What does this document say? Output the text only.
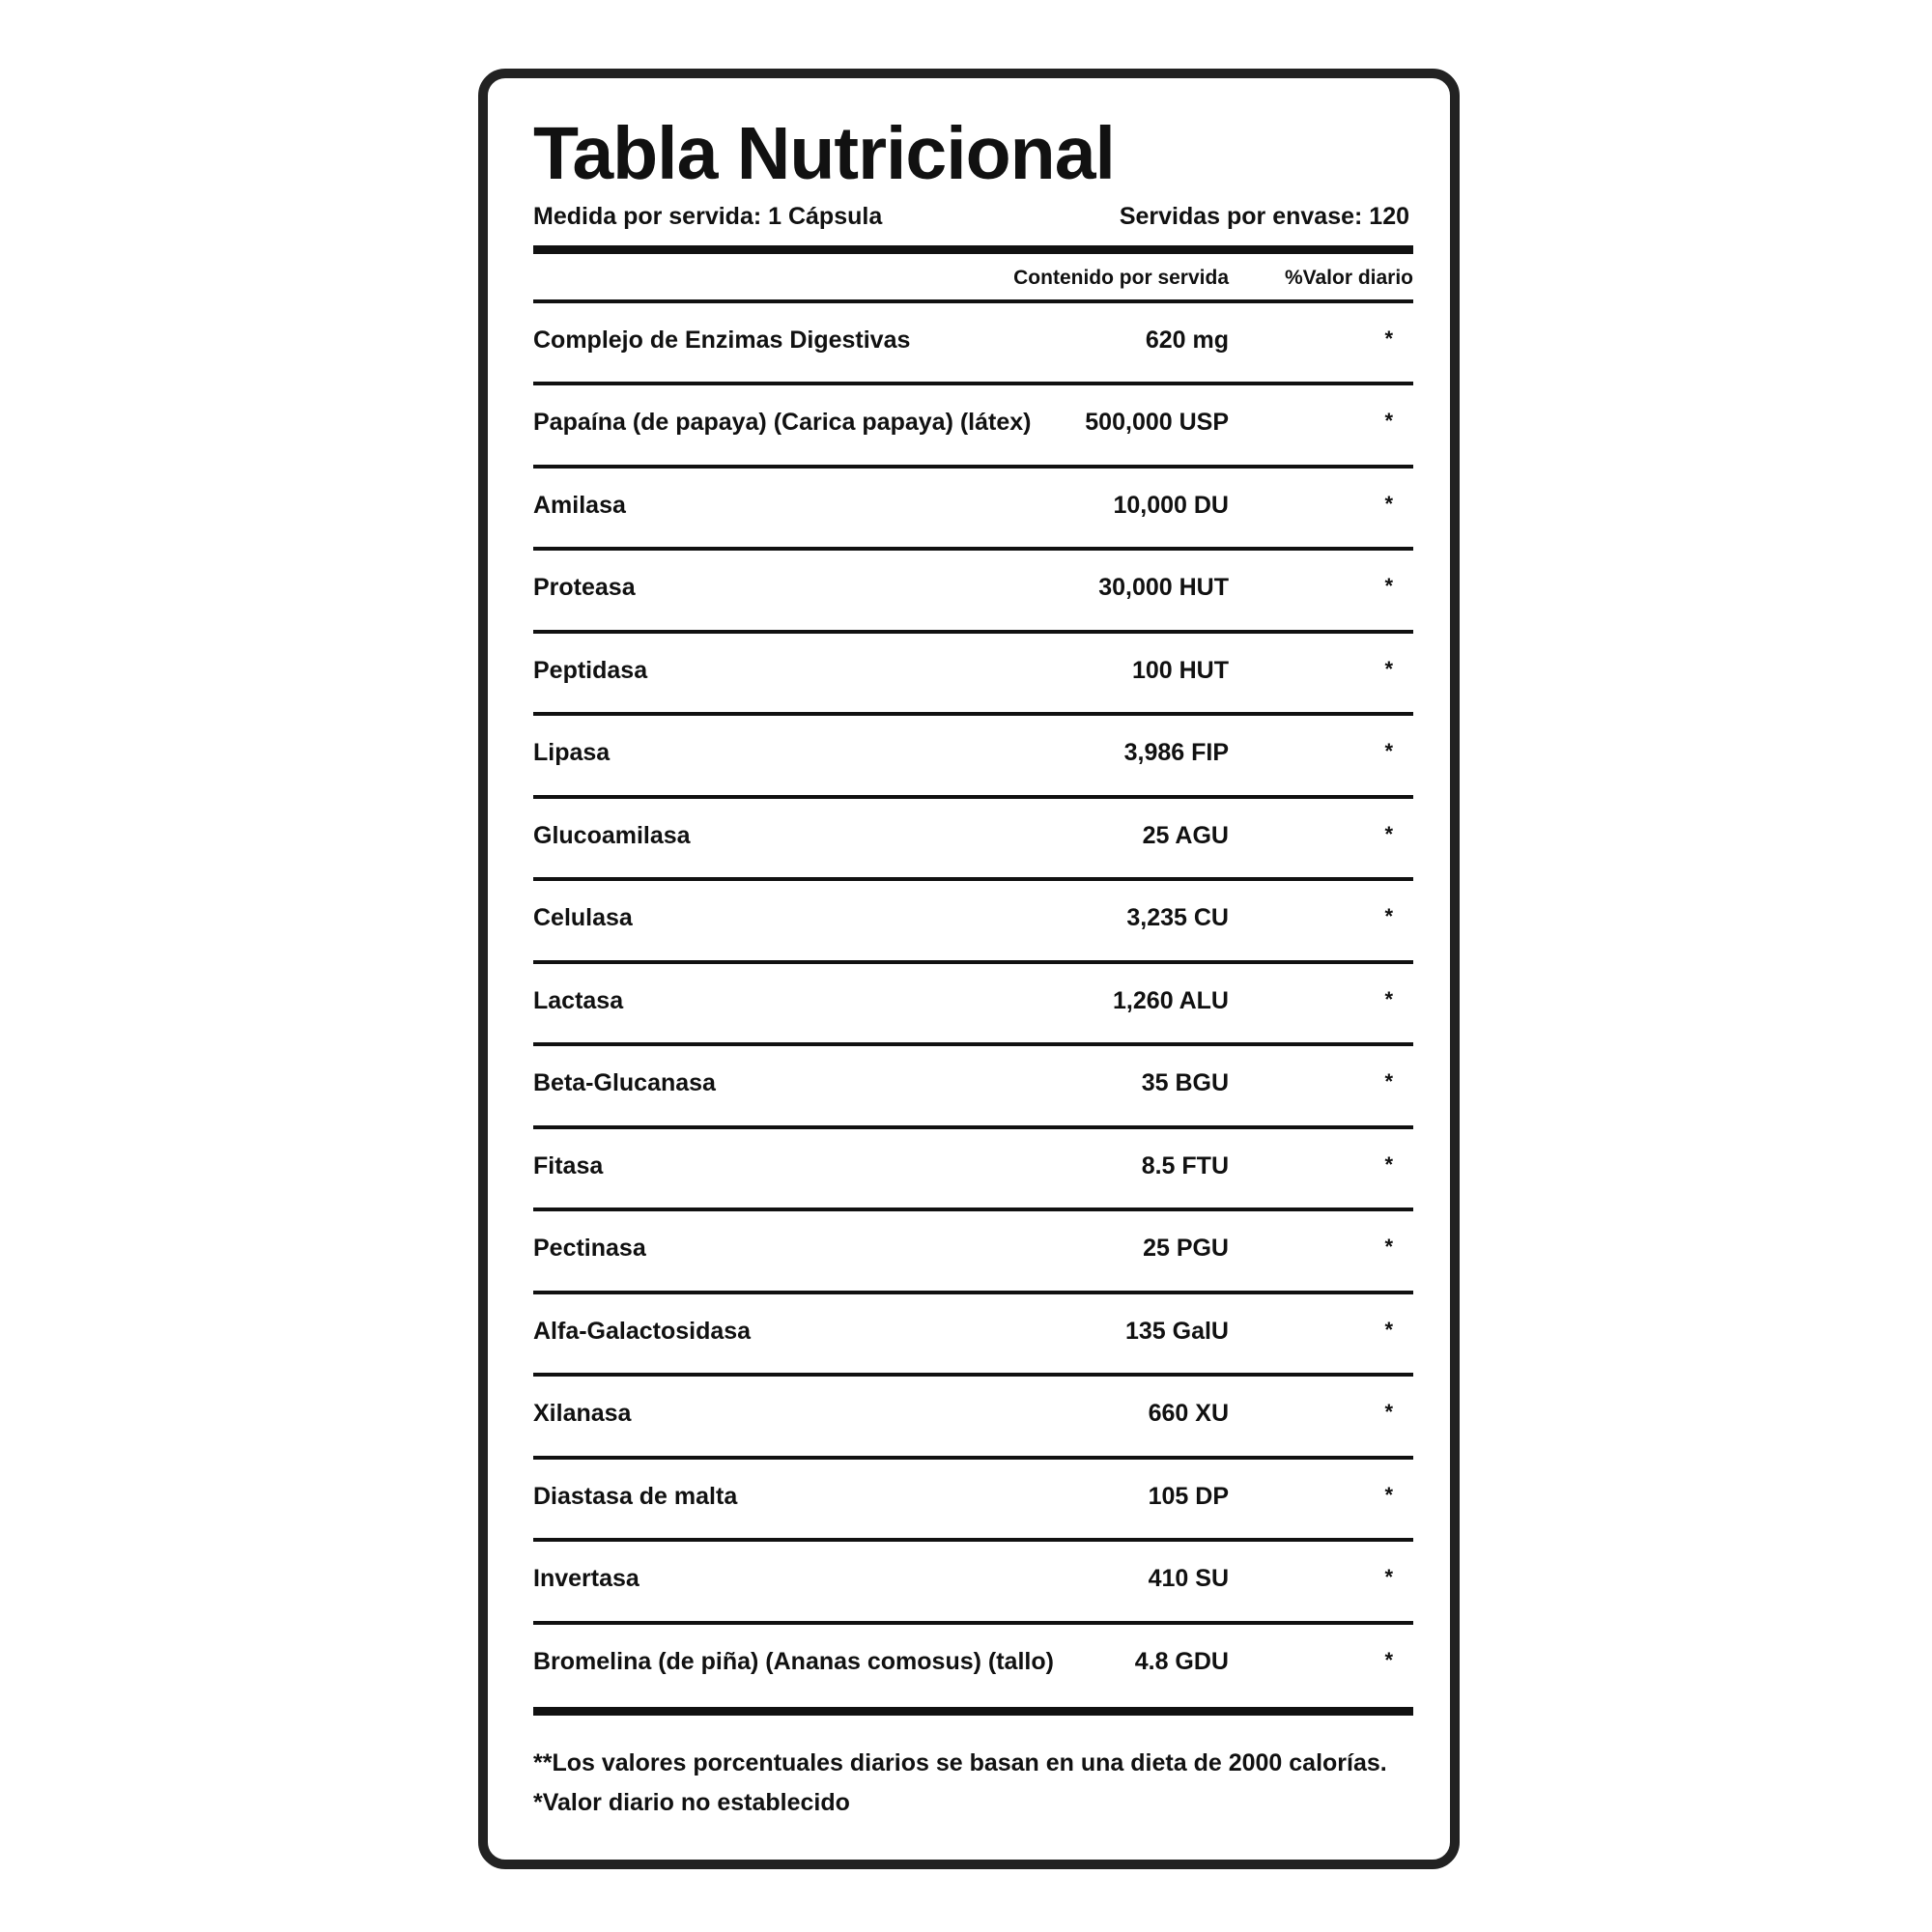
Tabla Nutricional
Medida por servida: 1 Cápsula	Servidas por envase: 120
Contenido por servida	%Valor diario
Complejo de Enzimas Digestivas	620 mg	*
Papaína (de papaya) (Carica papaya) (látex) 500,000 USP	*
Amilasa	10,000 DU	*
Proteasa	30,000 HUT	*
Peptidasa	100 HUT	*
Lipasa	3,986 FIP	*
Glucoamilasa	25 AGU	*
Celulasa	3,235 CU	*
Lactasa	1,260 ALU	*
Beta-Glucanasa	35 BGU	*
Fitasa	8.5 FTU	*
Pectinasa	25 PGU	*
Alfa-Galactosidasa	135 GalU	*
Xilanasa	660 XU	*
Diastasa de malta	105 DP	*
Invertasa	410 SU	*
Bromelina (de piña) (Ananas comosus) (tallo)	4.8 GDU	*
**Los valores porcentuales diarios se basan en una dieta de 2000 calorías.
*Valor diario no establecido
